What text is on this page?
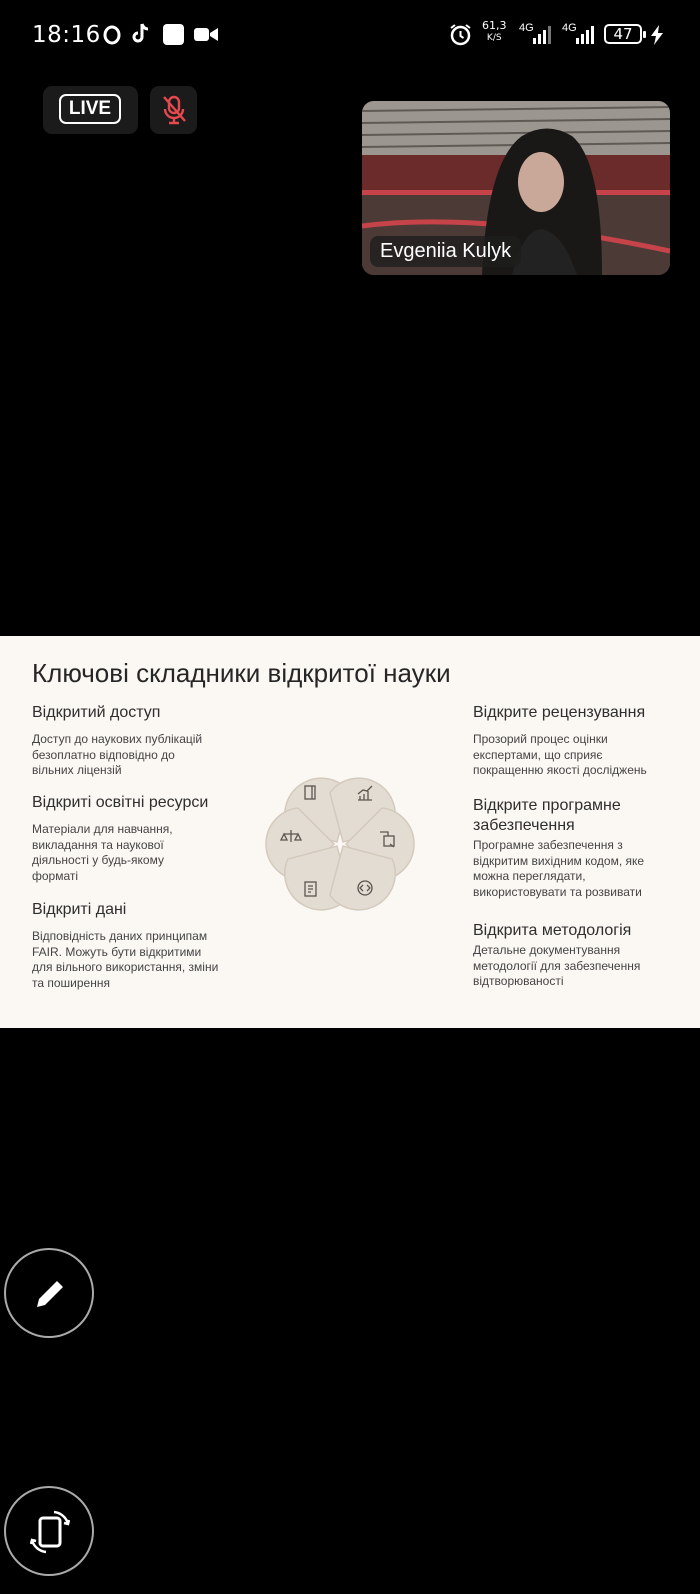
18:16	61,3
K/S
4G	4G	47
LIVE
Evgeniia Kulyk
Ключові складники відкритої науки
Відкритий доступ

Доступ до наукових публікацій
безоплатно відповідно до
вільних ліцензій

Відкриті освітні ресурси

Матеріали для навчання,
викладання та наукової
діяльності у будь-якому
форматі

Відкриті дані

Відповідність даних принципам
FAIR. Можуть бути відкритими
для вільного використання, зміни
та поширення

Відкрите рецензування

Прозорий процес оцінки
експертами, що сприяє
покращенню якості досліджень

Відкрите програмне
забезпечення

Програмне забезпечення з
відкритим вихідним кодом, яке
можна переглядати,
використовувати та розвивати

Відкрита методологія

Детальне документування
методології для забезпечення
відтворюваності
